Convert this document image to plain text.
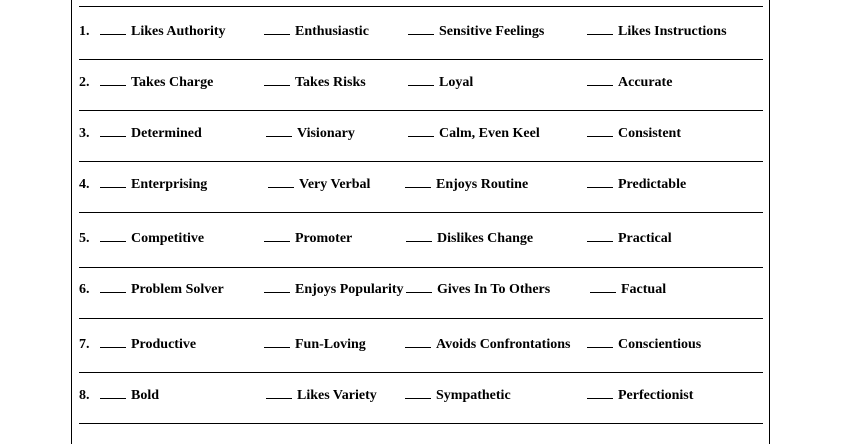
1.	Likes Authority	Enthusiastic	Sensitive Feelings	Likes Instructions
2.	Takes Charge	Takes Risks	Loyal	Accurate
3.	Determined	Visionary	Calm, Even Keel	Consistent
4.	Enterprising	Very Verbal	Enjoys Routine	Predictable
5.	Competitive	Promoter	Dislikes Change	Practical
6.	Problem Solver	Enjoys Popularity	Gives In To Others	Factual
7.	Productive	Fun-Loving	Avoids Confrontations	Conscientious
8.	Bold	Likes Variety	Sympathetic	Perfectionist
